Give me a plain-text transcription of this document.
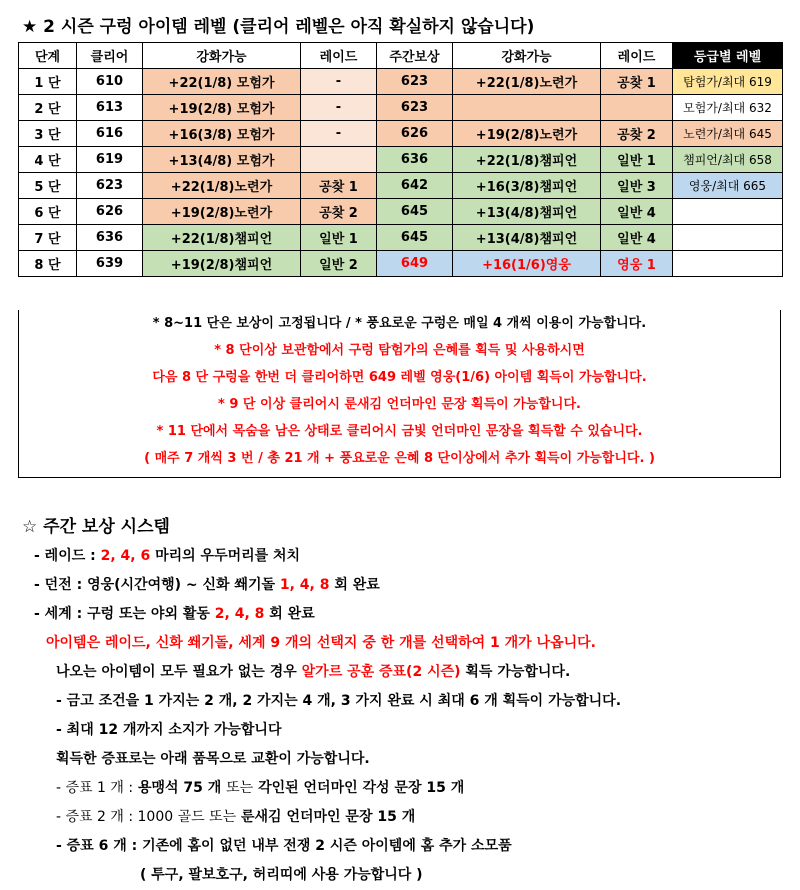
★ 2 시즌 구렁 아이템 레벨 (클리어 레벨은 아직 확실하지 않습니다)
단계	클리어	강화가능	레이드	주간보상	강화가능	레이드	등급별 레벨
1 단	610	+22(1/8) 모험가	-	623	+22(1/8)노련가	공찾 1	탐험가/최대 619
2 단	613	+19(2/8) 모험가	-	623			모험가/최대 632
3 단	616	+16(3/8) 모험가	-	626	+19(2/8)노련가	공찾 2	노련가/최대 645
4 단	619	+13(4/8) 모험가		636	+22(1/8)챔피언	일반 1	챔피언/최대 658
5 단	623	+22(1/8)노련가	공찾 1	642	+16(3/8)챔피언	일반 3	영웅/최대 665
6 단	626	+19(2/8)노련가	공찾 2	645	+13(4/8)챔피언	일반 4	
7 단	636	+22(1/8)챔피언	일반 1	645	+13(4/8)챔피언	일반 4	
8 단	639	+19(2/8)챔피언	일반 2	649	+16(1/6)영웅	영웅 1	
* 8~11 단은 보상이 고정됩니다 / * 풍요로운 구렁은 매일 4 개씩 이용이 가능합니다.
* 8 단이상 보관함에서 구렁 탐험가의 은혜를 획득 및 사용하시면
다음 8 단 구렁을 한번 더 클리어하면 649 레벨 영웅(1/6) 아이템 획득이 가능합니다.
* 9 단 이상 클리어시 룬새김 언더마인 문장 획득이 가능합니다.
* 11 단에서 목숨을 남은 상태로 클리어시 금빛 언더마인 문장을 획득할 수 있습니다.
( 매주 7 개씩 3 번 / 총 21 개 + 풍요로운 은혜 8 단이상에서 추가 획득이 가능합니다. )
☆ 주간 보상 시스템
- 레이드 : 2, 4, 6 마리의 우두머리를 처치
- 던전 : 영웅(시간여행) ~ 신화 쐐기돌 1, 4, 8 회 완료
- 세계 : 구렁 또는 야외 활동 2, 4, 8 회 완료
아이템은 레이드, 신화 쐐기돌, 세계 9 개의 선택지 중 한 개를 선택하여 1 개가 나옵니다.
나오는 아이템이 모두 필요가 없는 경우 알가르 공훈 증표(2 시즌) 획득 가능합니다.
- 금고 조건을 1 가지는 2 개, 2 가지는 4 개, 3 가지 완료 시 최대 6 개 획득이 가능합니다.
- 최대 12 개까지 소지가 가능합니다
획득한 증표로는 아래 품목으로 교환이 가능합니다.
- 증표 1 개 : 용맹석 75 개 또는 각인된 언더마인 각성 문장 15 개
- 증표 2 개 : 1000 골드 또는 룬새김 언더마인 문장 15 개
- 증표 6 개 : 기존에 홈이 없던 내부 전쟁 2 시즌 아이템에 홈 추가 소모품
( 투구, 팔보호구, 허리띠에 사용 가능합니다 )
